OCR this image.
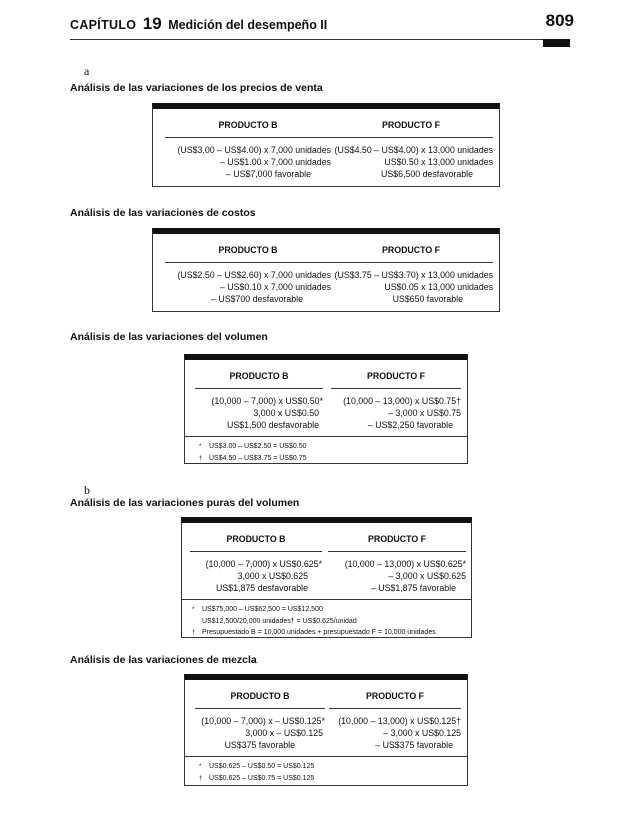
CAPÍTULO 19 Medición del desempeño II	809
a
Análisis de las variaciones de los precios de venta
PRODUCTO B
(US$3.00 – US$4.00) x 7,000 unidades
– US$1.00 x 7,000 unidades
– US$7,000 favorable
PRODUCTO F
(US$4.50 – US$4.00) x 13,000 unidades
US$0.50 x 13,000 unidades
US$6,500 desfavorable
Análisis de las variaciones de costos
PRODUCTO B
(US$2.50 – US$2.60) x 7,000 unidades
– US$0.10 x 7,000 unidades
– US$700 desfavorable
PRODUCTO F
(US$3.75 – US$3.70) x 13,000 unidades
US$0.05 x 13,000 unidades
US$650 favorable
Análisis de las variaciones del volumen
PRODUCTO B
(10,000 – 7,000) x US$0.50*
3,000 x US$0.50
US$1,500 desfavorable
PRODUCTO F
(10,000 – 13,000) x US$0.75†
– 3,000 x US$0.75
– US$2,250 favorable
* US$3.00 – US$2.50 = US$0.50
† US$4.50 – US$3.75 = US$0.75
b
Análisis de las variaciones puras del volumen
PRODUCTO B
(10,000 – 7,000) x US$0.625*
3,000 x US$0.625
US$1,875 desfavorable
PRODUCTO F
(10,000 – 13,000) x US$0.625*
– 3,000 x US$0.625
– US$1,875 favorable
* US$75,000 – US$62,500 = US$12,500
US$12,500/20,000 unidades† = US$0.625/unidad
† Presupuestado B = 10,000 unidades + presupuestado F = 10,000 unidades
Análisis de las variaciones de mezcla
PRODUCTO B
(10,000 – 7,000) x – US$0.125*
3,000 x – US$0.125
US$375 favorable
PRODUCTO F
(10,000 – 13,000) x US$0.125†
– 3,000 x US$0.125
– US$375 favorable
* US$0.625 – US$0.50 = US$0.125
† US$0.625 – US$0.75 = US$0.125
